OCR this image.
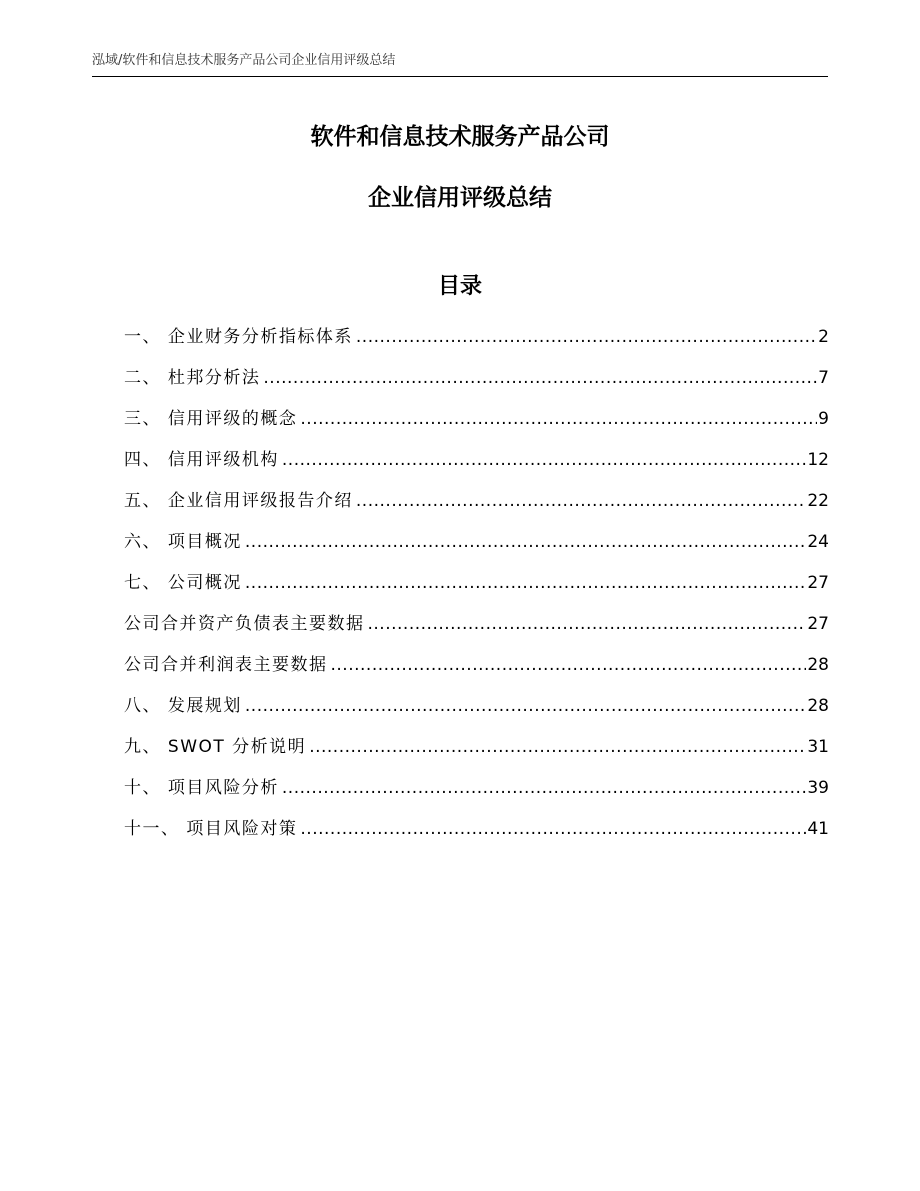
泓域/软件和信息技术服务产品公司企业信用评级总结
软件和信息技术服务产品公司
企业信用评级总结
目录
一、 企业财务分析指标体系 .....	2
二、 杜邦分析法 .....	7
三、 信用评级的概念 .....	9
四、 信用评级机构 .....	12
五、 企业信用评级报告介绍 .....	22
六、 项目概况 .....	24
七、 公司概况 .....	27
公司合并资产负债表主要数据 .....	27
公司合并利润表主要数据 .....	28
八、 发展规划 .....	28
九、 SWOT 分析说明 .....	31
十、 项目风险分析 .....	39
十一、 项目风险对策 .....	41
